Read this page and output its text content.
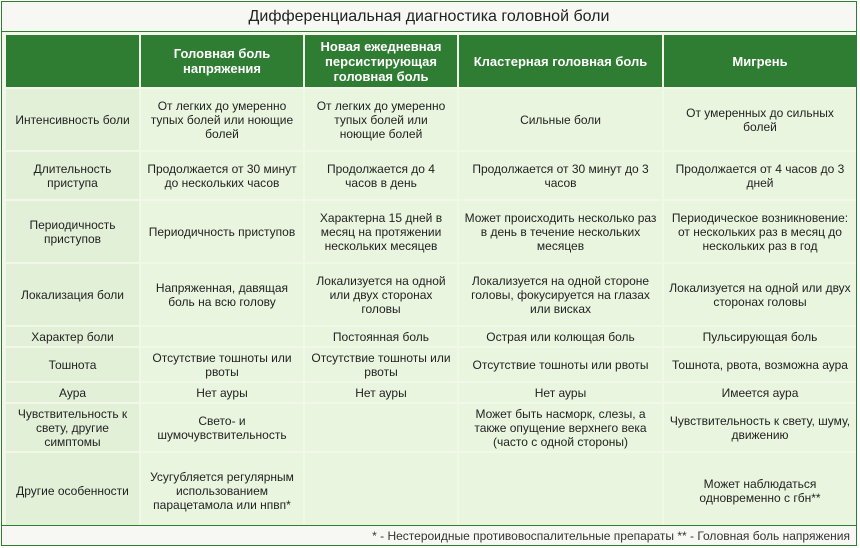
Дифференциальная диагностика головной боли
	Головная боль напряжения	Новая ежедневная персистирующая головная боль	Кластерная головная боль	Мигрень
Интенсивность боли	От легких до умеренно тупых болей или ноющие болей	От легких до умеренно тупых болей или ноющие болей	Сильные боли	От умеренных до сильных болей
Длительность приступа	Продолжается от 30 минут до нескольких часов	Продолжается до 4 часов в день	Продолжается от 30 минут до 3 часов	Продолжается от 4 часов до 3 дней
Периодичность приступов	Периодичность приступов	Характерна 15 дней в месяц на протяжении нескольких месяцев	Может происходить несколько раз в день в течение нескольких месяцев	Периодическое возникновение: от нескольких раз в месяц до нескольких раз в год
Локализация боли	Напряженная, давящая боль на всю голову	Локализуется на одной или двух сторонах головы	Локализуется на одной стороне головы, фокусируется на глазах или висках	Локализуется на одной или двух сторонах головы
Характер боли		Постоянная боль	Острая или колющая боль	Пульсирующая боль
Тошнота	Отсутствие тошноты или рвоты	Отсутствие тошноты или рвоты	Отсутствие тошноты или рвоты	Тошнота, рвота, возможна аура
Аура	Нет ауры	Нет ауры	Нет ауры	Имеется аура
Чувствительность к свету, другие симптомы	Свето- и шумочувствительность		Может быть насморк, слезы, а также опущение верхнего века (часто с одной стороны)	Чувствительность к свету, шуму, движению
Другие особенности	Усугубляется регулярным использованием парацетамола или нпвп*			Может наблюдаться одновременно с гбн**
* - Нестероидные противовоспалительные препараты ** - Головная боль напряжения
